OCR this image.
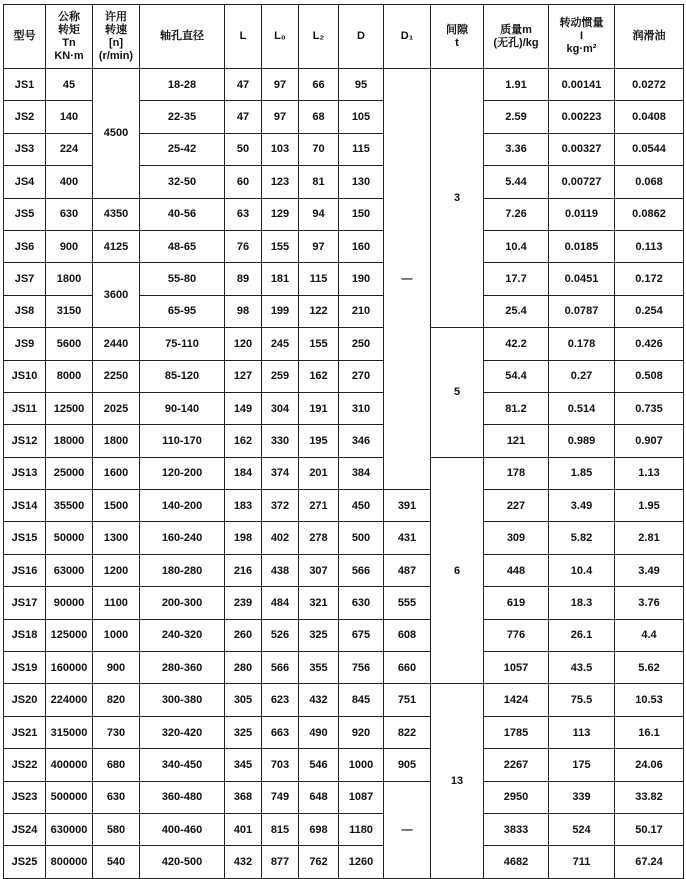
型号	公称
转矩
Tn
KN·m	许用
转速
[n]
(r/min)	轴孔直径	L	L₀	L₂	D	D₁	间隙
t	质量m
(无孔)/kg	转动惯量
I
kg·m²	润滑油
JS1	45	4500	18-28	47	97	66	95	—	3	1.91	0.00141	0.0272
JS2	140		22-35	47	97	68	105			2.59	0.00223	0.0408
JS3	224		25-42	50	103	70	115			3.36	0.00327	0.0544
JS4	400		32-50	60	123	81	130			5.44	0.00727	0.068
JS5	630	4350	40-56	63	129	94	150			7.26	0.0119	0.0862
JS6	900	4125	48-65	76	155	97	160			10.4	0.0185	0.113
JS7	1800	3600	55-80	89	181	115	190			17.7	0.0451	0.172
JS8	3150		65-95	98	199	122	210			25.4	0.0787	0.254
JS9	5600	2440	75-110	120	245	155	250		5	42.2	0.178	0.426
JS10	8000	2250	85-120	127	259	162	270			54.4	0.27	0.508
JS11	12500	2025	90-140	149	304	191	310			81.2	0.514	0.735
JS12	18000	1800	110-170	162	330	195	346			121	0.989	0.907
JS13	25000	1600	120-200	184	374	201	384		6	178	1.85	1.13
JS14	35500	1500	140-200	183	372	271	450	391		227	3.49	1.95
JS15	50000	1300	160-240	198	402	278	500	431		309	5.82	2.81
JS16	63000	1200	180-280	216	438	307	566	487		448	10.4	3.49
JS17	90000	1100	200-300	239	484	321	630	555		619	18.3	3.76
JS18	125000	1000	240-320	260	526	325	675	608		776	26.1	4.4
JS19	160000	900	280-360	280	566	355	756	660		1057	43.5	5.62
JS20	224000	820	300-380	305	623	432	845	751	13	1424	75.5	10.53
JS21	315000	730	320-420	325	663	490	920	822		1785	113	16.1
JS22	400000	680	340-450	345	703	546	1000	905		2267	175	24.06
JS23	500000	630	360-480	368	749	648	1087	—		2950	339	33.82
JS24	630000	580	400-460	401	815	698	1180			3833	524	50.17
JS25	800000	540	420-500	432	877	762	1260			4682	711	67.24
